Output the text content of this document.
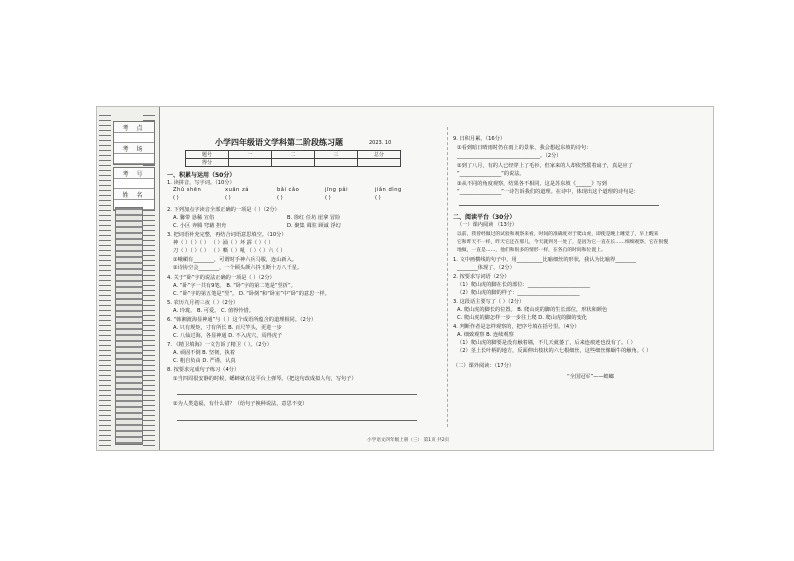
考 点
考 场
考 号
姓 名
小学四年级语文学科第二阶段练习题	2023. 10
题号	一	二	三	总分
得分				
一、积累与运用（50分）
1. 读拼音，写字词。（10分）
Zhǔ shēn	xuān zá	bǎi cǎo	jīng pǎi	jiǎn dìng
( )	( )	( )	( )	( )
2. 下列加点字读音全部正确的一项是（ ）（2分）
A. 馨带 恳稀 宣俗	B. 徐红 任坊 崖拿 冒险
C. 小区 奔腾 穹藉 担舟	D. 聚集 调驻 顾诚 浮幻
3. 把词语补充完整，再结合词语意思填空。（10分）
神（ ）（ ）（ ） （ ）涌（ ）坏 霹（ ）（ ）
刀（ ）（ ）（ ） （ ）嘶（ ）吼 （ ）（ ）六（ ）
①峨嵋有________，可谓时手神六兵马服，连山新入。
②诗协空会________，一个顾头颜六抖玉断十万八千星。
4. 关于“卧”字的说法正确的一项是（ ）（2分）
A. “卧”字一共有9笔。 B. “卧”字的第二笔是“竖折”。
C. “卧”字的第五笔是“竖”。 D. “卧倒”和“卧室”中“卧”的意思一样。
5. 农历九月初三夜（ ）（2分）
A. 玲珑。 B. 可爱。 C. 值得怜惜。
6. “韩湘渡海显神通”与（ ）这个成语所蕴含的道理相同。（2分）
A. 只有规矩，寸有所长 B. 百尺竿头，更进一步
C. 八仙过海，各显神通 D. 不入虎穴，焉得虎子
7. 《精卫填海》一文告诉了精卫（ ）。（2分）
A. 顽固不倒 B. 坚韧，执着
C. 粗自负由 D. 严谨，认真
8. 按要求完成句子练习（4分）
①当四周很安静的时候，蟋蟀就在这平台上弹琴。（把这句改成拟人句，写句子）
②为人类造福，有什么错？（给句子换种说法，意思不变）
9. 日积月累。（16分）
①看到暗日晴雨时仍在雨上的景象，我会想起东坡的诗句：
________________________________。（2分）
②到了八月，有的人已经穿上了毛衫，但家来的人却依然摇着扇子，真是应了
“________________”的说法。
③从不同的角度观察，结果各不相同，这是苏东坡《______》写到
“________________”一诗告诉我们的道理。在诗中，体现出这个道理的诗句是：
二、阅读平台（30分）
（一）课内阅读 （13分）
以前，我曾经做过的试验和观察来看，时间的准确度对于爬山虎，即使是晚上睡觉了，早上醒来
它和昨天不一样，昨天它还在那儿，今天就到另一处了，是因为它一直在长……细细观察，它在很慢
地做，一直是……，他们和很多的情形一样，在各自的时间和位置上。
1. 文中画横线的句子中，用__________比喻细丝的形状，我认为比喻得________
________体现了。（2分）
2. 按要求写词语（2分）
（1）爬山虎的脚在长的部位：________________________
（2）爬山虎的脚的样子：________________________
3. 这段话主要写了（ ）（2分）
A. 爬山虎的脚长的位置。 B. 爬山虎的脚的生长部位，形状和颜色
C. 爬山虎的脚怎样一步一步往上爬 D. 爬山虎的脚的变化
4. 判断作者是怎样观察的，把序号填在括号里。（4分）
A. 细致观察 B. 连续观察
（1）爬山虎的脚要是没有触着墙，不几天就萎了，后来连痕迹也没有了。（ ）
（2）茎上长叶柄的地方，反面伸出枝状的六七根细丝，这些细丝像蜗牛的触角。（ ）
（二）课外阅读：（17分）
“全国冠军”——蝗螂
小学语文四年级上册（三） 第1页 共2页
